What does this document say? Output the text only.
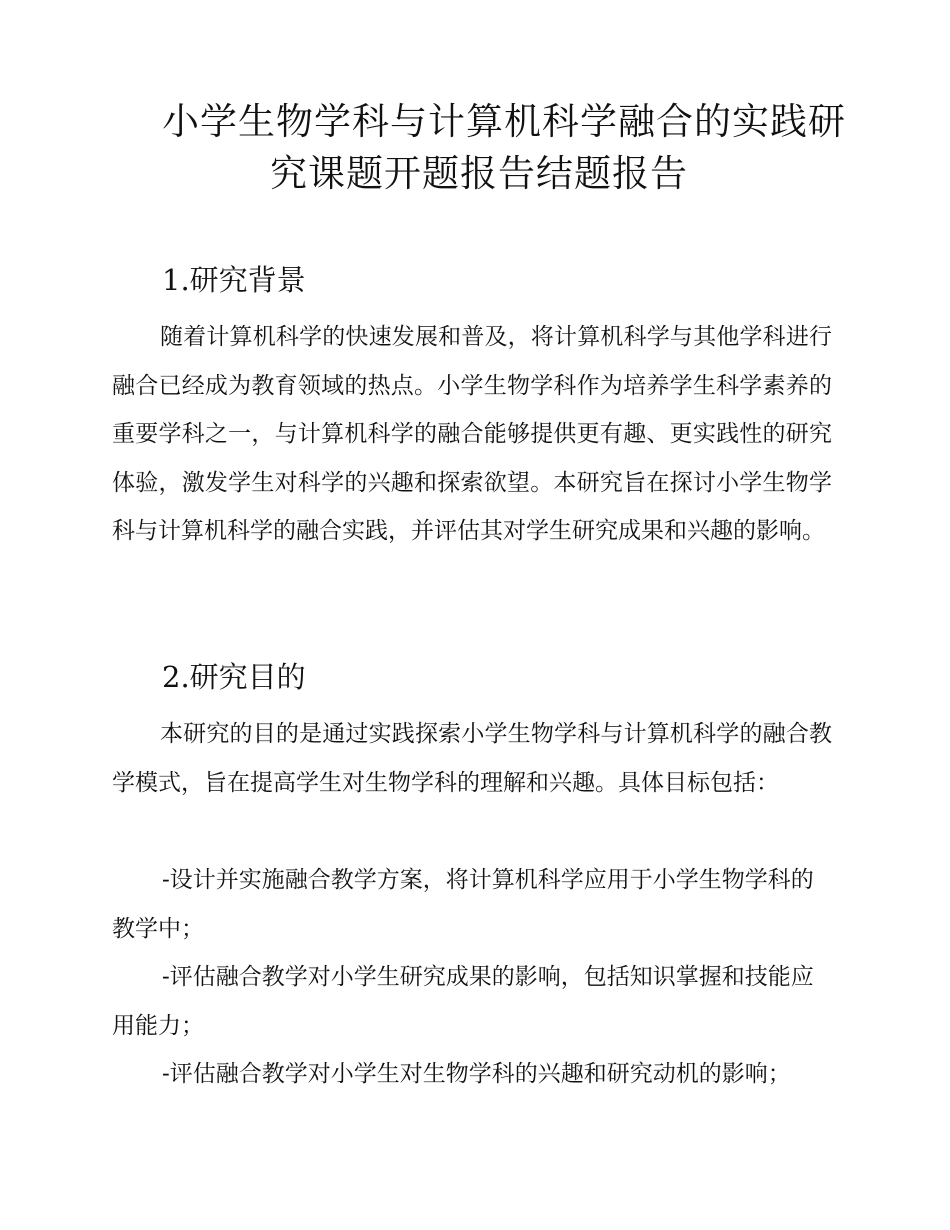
小学生物学科与计算机科学融合的实践研
究课题开题报告结题报告
1.研究背景

随着计算机科学的快速发展和普及，将计算机科学与其他学科进行融合已经成为教育领域的热点。小学生物学科作为培养学生科学素养的重要学科之一，与计算机科学的融合能够提供更有趣、更实践性的研究体验，激发学生对科学的兴趣和探索欲望。本研究旨在探讨小学生物学科与计算机科学的融合实践，并评估其对学生研究成果和兴趣的影响。

2.研究目的

本研究的目的是通过实践探索小学生物学科与计算机科学的融合教学模式，旨在提高学生对生物学科的理解和兴趣。具体目标包括：

-设计并实施融合教学方案，将计算机科学应用于小学生物学科的教学中；

-评估融合教学对小学生研究成果的影响，包括知识掌握和技能应用能力；

-评估融合教学对小学生对生物学科的兴趣和研究动机的影响；
